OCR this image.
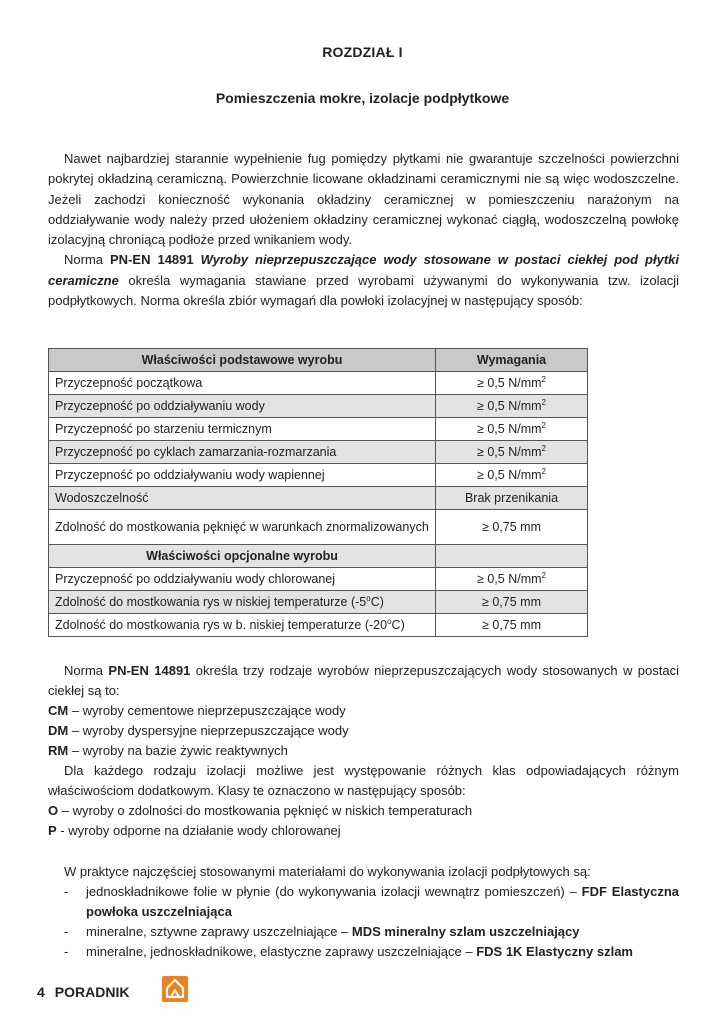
ROZDZIAŁ I
Pomieszczenia mokre, izolacje podpłytkowe

Nawet najbardziej starannie wypełnienie fug pomiędzy płytkami nie gwarantuje szczelności powierzchni pokrytej okładziną ceramiczną. Powierzchnie licowane okładzinami ceramicznymi nie są więc wodoszczelne. Jeżeli zachodzi konieczność wykonania okładziny ceramicznej w pomieszczeniu narażonym na oddziaływanie wody należy przed ułożeniem okładziny ceramicznej wykonać ciągłą, wodoszczelną powłokę izolacyjną chroniącą podłoże przed wnikaniem wody.

Norma PN-EN 14891 Wyroby nieprzepuszczające wody stosowane w postaci ciekłej pod płytki ceramiczne określa wymagania stawiane przed wyrobami używanymi do wykonywania tzw. izolacji podpłytkowych. Norma określa zbiór wymagań dla powłoki izolacyjnej w następujący sposób:

Właściwości podstawowe wyrobu	Wymagania
Przyczepność początkowa	≥ 0,5 $N/mm^2$
Przyczepność po oddziaływaniu wody	≥ 0,5 $N/mm^2$
Przyczepność po starzeniu termicznym	≥ 0,5 $N/mm^2$
Przyczepność po cyklach zamarzania-rozmarzania	≥ 0,5 $N/mm^2$
Przyczepność po oddziaływaniu wody wapiennej	≥ 0,5 $N/mm^2$
Wodoszczelność	Brak przenikania
Zdolność do mostkowania pęknięć w warunkach znormalizowanych	≥ 0,75 mm
Właściwości opcjonalne wyrobu	
Przyczepność po oddziaływaniu wody chlorowanej	≥ 0,5 $N/mm^2$
Zdolność do mostkowania rys w niskiej temperaturze $(-5^oC)$	≥ 0,75 mm
Zdolność do mostkowania rys w b. niskiej temperaturze $(-20^oC)$	≥ 0,75 mm

Norma PN-EN 14891 określa trzy rodzaje wyrobów nieprzepuszczających wody stosowanych w postaci ciekłej są to:

CM – wyroby cementowe nieprzepuszczające wody

DM – wyroby dyspersyjne nieprzepuszczające wody

RM – wyroby na bazie żywic reaktywnych

Dla każdego rodzaju izolacji możliwe jest występowanie różnych klas odpowiadających różnym właściwościom dodatkowym. Klasy te oznaczono w następujący sposób:

O – wyroby o zdolności do mostkowania pęknięć w niskich temperaturach

P - wyroby odporne na działanie wody chlorowanej

W praktyce najczęściej stosowanymi materiałami do wykonywania izolacji podpłytowych są:

- jednoskładnikowe folie w płynie (do wykonywania izolacji wewnątrz pomieszczeń) – FDF Elastyczna powłoka uszczelniająca

- mineralne, sztywne zaprawy uszczelniające – MDS mineralny szlam uszczelniający

- mineralne, jednoskładnikowe, elastyczne zaprawy uszczelniające – FDS 1K Elastyczny szlam

4 PORADNIK
